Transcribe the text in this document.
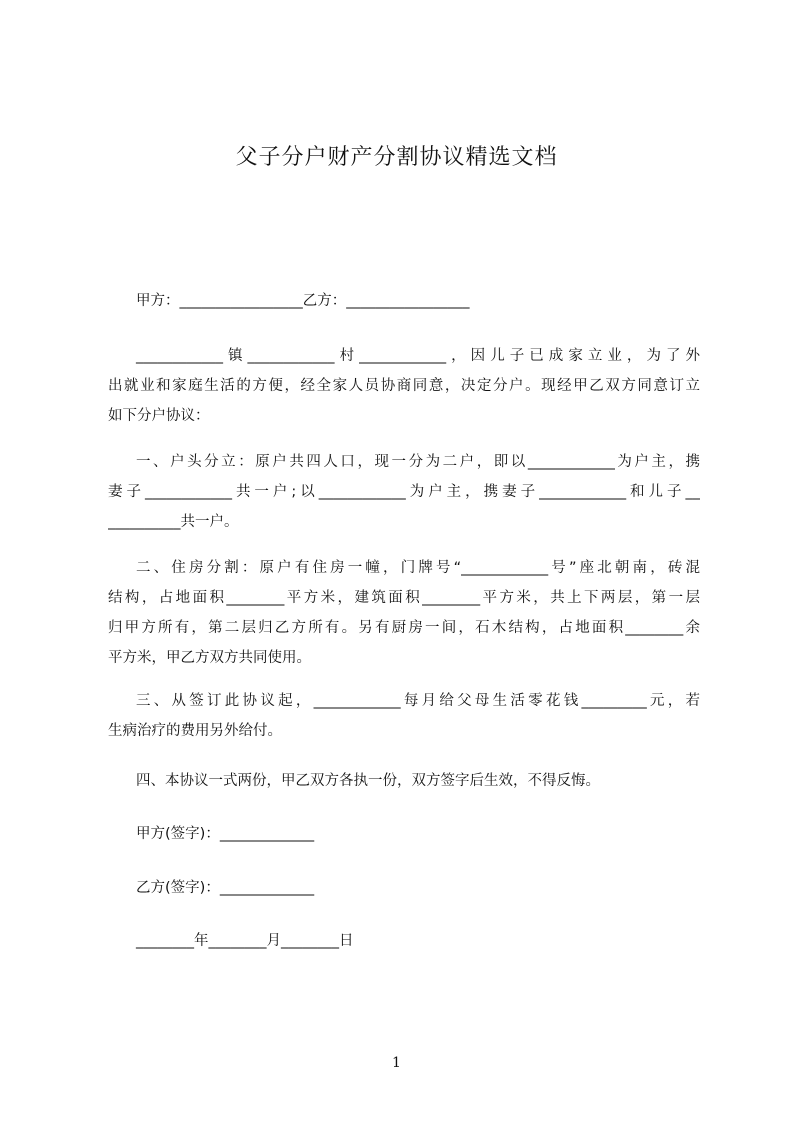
父子分户财产分割协议精选文档

甲方：_________________乙方：_________________

____________镇____________村____________，因儿子已成家立业，为了外
出就业和家庭生活的方便，经全家人员协商同意，决定分户。现经甲乙双方同意订立
如下分户协议：

一、户头分立：原户共四人口，现一分为二户，即以____________为户主，携
妻子____________共一户;以____________为户主，携妻子____________和儿子__
__________共一户。

二、住房分割：原户有住房一幢，门牌号“____________号”座北朝南，砖混
结构，占地面积________平方米，建筑面积________平方米，共上下两层，第一层
归甲方所有，第二层归乙方所有。另有厨房一间，石木结构，占地面积________余
平方米，甲乙方双方共同使用。

三、从签订此协议起，____________每月给父母生活零花钱_________元，若
生病治疗的费用另外给付。

四、本协议一式两份，甲乙双方各执一份，双方签字后生效，不得反悔。

甲方(签字)：_____________

乙方(签字)：_____________

________年________月________日

1
